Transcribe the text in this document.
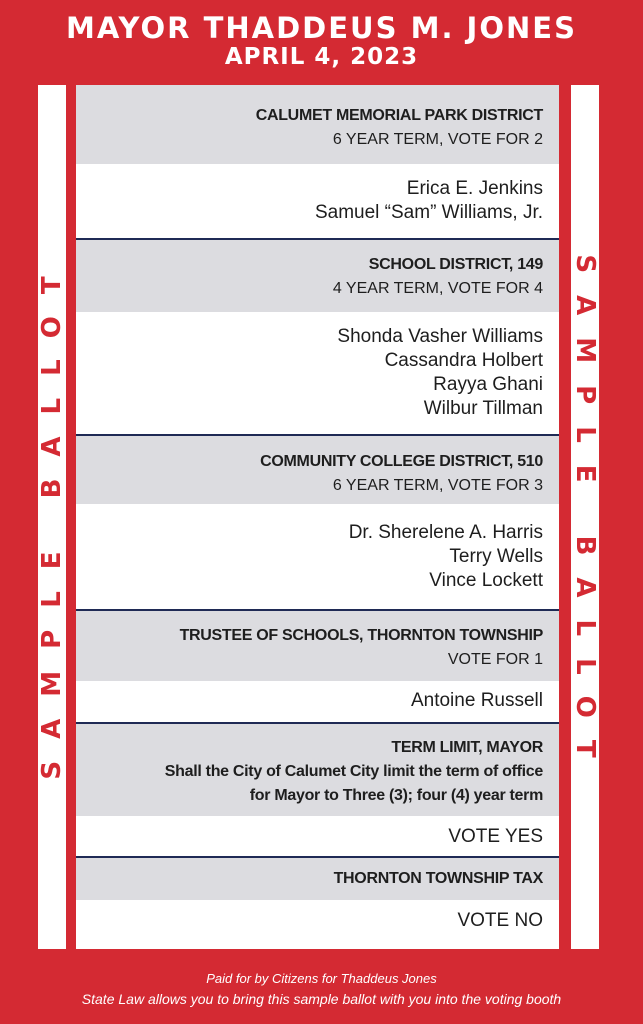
MAYOR THADDEUS M. JONES
APRIL 4, 2023
SAMPLE BALLOT	SAMPLE BALLOT
CALUMET MEMORIAL PARK DISTRICT
6 YEAR TERM, VOTE FOR 2
Erica E. Jenkins
Samuel “Sam” Williams, Jr.
SCHOOL DISTRICT, 149
4 YEAR TERM, VOTE FOR 4
Shonda Vasher Williams
Cassandra Holbert
Rayya Ghani
Wilbur Tillman
COMMUNITY COLLEGE DISTRICT, 510
6 YEAR TERM, VOTE FOR 3
Dr. Sherelene A. Harris
Terry Wells
Vince Lockett
TRUSTEE OF SCHOOLS, THORNTON TOWNSHIP
VOTE FOR 1
Antoine Russell
TERM LIMIT, MAYOR
Shall the City of Calumet City limit the term of office
for Mayor to Three (3); four (4) year term
VOTE YES
THORNTON TOWNSHIP TAX
VOTE NO
Paid for by Citizens for Thaddeus Jones
State Law allows you to bring this sample ballot with you into the voting booth
